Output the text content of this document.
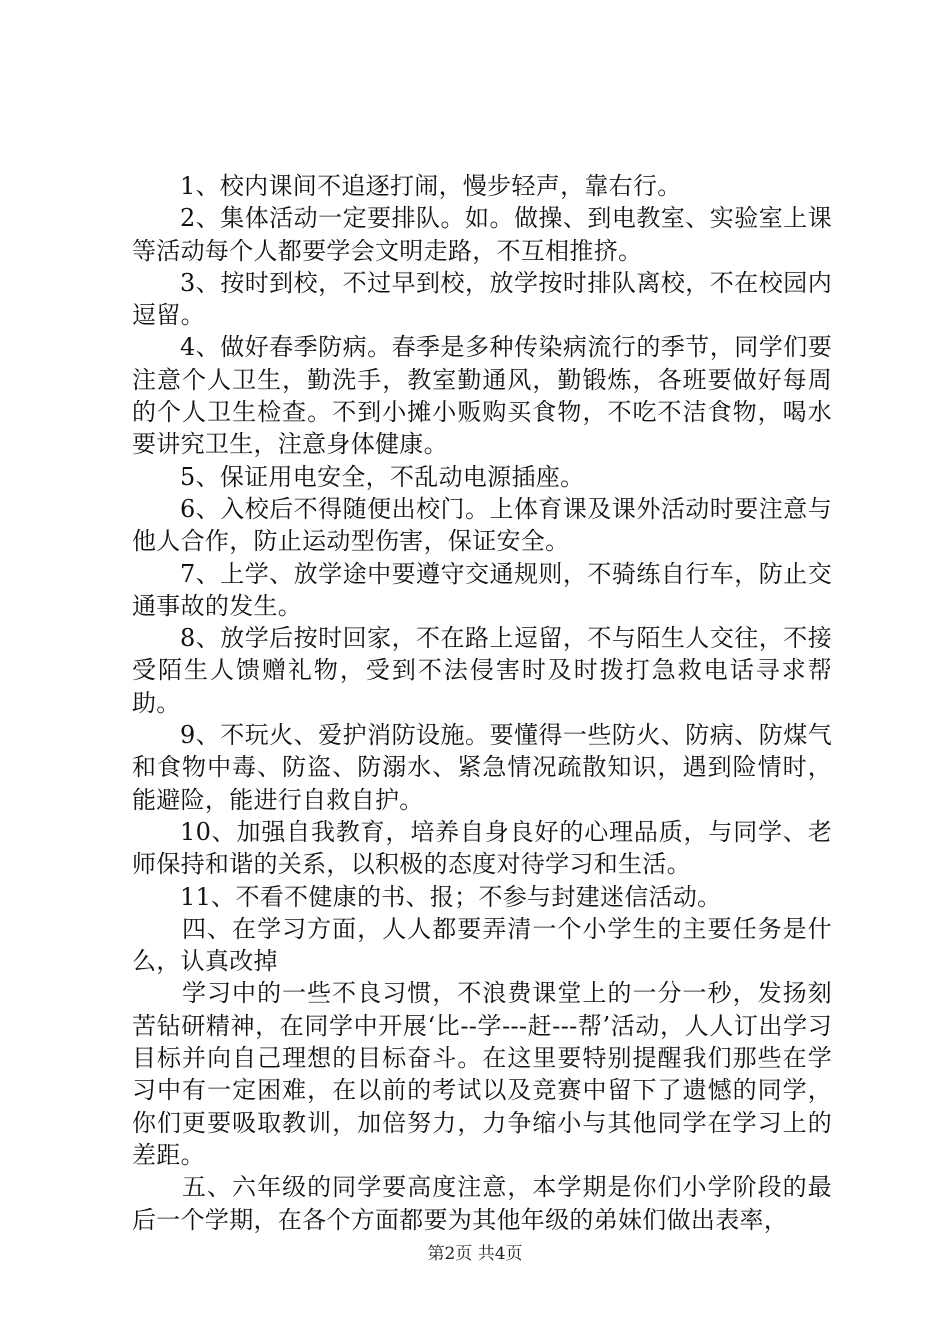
1、校内课间不追逐打闹，慢步轻声，靠右行。

2、集体活动一定要排队。如。做操、到电教室、实验室上课等活动每个人都要学会文明走路，不互相推挤。

3、按时到校，不过早到校，放学按时排队离校，不在校园内逗留。

4、做好春季防病。春季是多种传染病流行的季节，同学们要注意个人卫生，勤洗手，教室勤通风，勤锻炼，各班要做好每周的个人卫生检查。不到小摊小贩购买食物，不吃不洁食物，喝水要讲究卫生，注意身体健康。

5、保证用电安全，不乱动电源插座。

6、入校后不得随便出校门。上体育课及课外活动时要注意与他人合作，防止运动型伤害，保证安全。

7、上学、放学途中要遵守交通规则，不骑练自行车，防止交通事故的发生。

8、放学后按时回家，不在路上逗留，不与陌生人交往，不接受陌生人馈赠礼物，受到不法侵害时及时拨打急救电话寻求帮助。

9、不玩火、爱护消防设施。要懂得一些防火、防病、防煤气和食物中毒、防盗、防溺水、紧急情况疏散知识，遇到险情时，能避险，能进行自救自护。

10、加强自我教育，培养自身良好的心理品质，与同学、老师保持和谐的关系，以积极的态度对待学习和生活。

11、不看不健康的书、报；不参与封建迷信活动。

四、在学习方面，人人都要弄清一个小学生的主要任务是什么，认真改掉

学习中的一些不良习惯，不浪费课堂上的一分一秒，发扬刻苦钻研精神，在同学中开展‘比--学---赶---帮’活动，人人订出学习目标并向自己理想的目标奋斗。在这里要特别提醒我们那些在学习中有一定困难，在以前的考试以及竞赛中留下了遗憾的同学，你们更要吸取教训，加倍努力，力争缩小与其他同学在学习上的差距。

五、六年级的同学要高度注意，本学期是你们小学阶段的最后一个学期，在各个方面都要为其他年级的弟妹们做出表率，

第2页 共4页
